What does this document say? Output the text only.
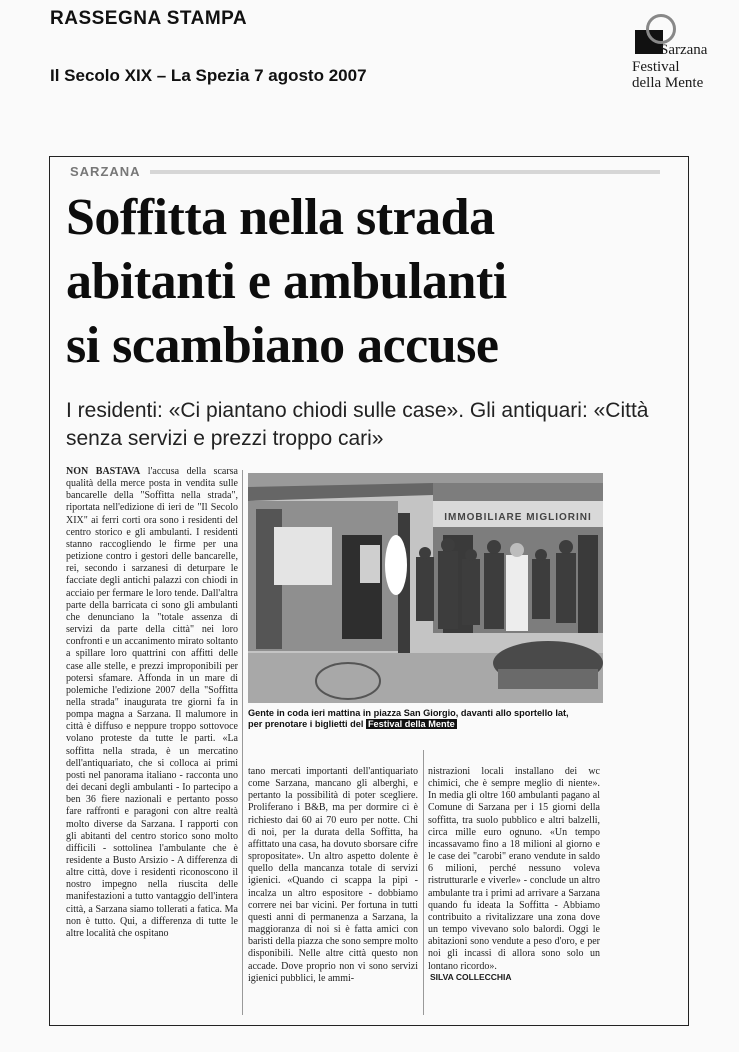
RASSEGNA STAMPA
Il Secolo XIX – La Spezia 7 agosto 2007
Sarzana
Festival
della Mente
SARZANA
Soffitta nella strada
abitanti e ambulanti
si scambiano accuse
I residenti: «Ci piantano chiodi sulle case». Gli antiquari: «Città senza servizi e prezzi troppo cari»
NON BASTAVA l'accusa della scarsa qualità della merce posta in vendita sulle bancarelle della "Soffitta nella strada", riportata nell'edizione di ieri de "Il Secolo XIX" ai ferri corti ora sono i residenti del centro storico e gli ambulanti. I residenti stanno raccogliendo le firme per una petizione contro i gestori delle bancarelle, rei, secondo i sarzanesi di deturpare le facciate degli antichi palazzi con chiodi in acciaio per fermare le loro tende. Dall'altra parte della barricata ci sono gli ambulanti che denunciano la "totale assenza di servizi da parte della città" nei loro confronti e un accanimento mirato soltanto a spillare loro quattrini con affitti delle case alle stelle, e prezzi improponibili per potersi sfamare. Affonda in un mare di polemiche l'edizione 2007 della "Soffitta nella strada" inaugurata tre giorni fa in pompa magna a Sarzana. Il malumore in città è diffuso e neppure troppo sottovoce volano proteste da tutte le parti. «La soffitta nella strada, è un mercatino dell'antiquariato, che si colloca ai primi posti nel panorama italiano - racconta uno dei decani degli ambulanti - Io partecipo a ben 36 fiere nazionali e pertanto posso fare raffronti e paragoni con altre realtà molto diverse da Sarzana. I rapporti con gli abitanti del centro storico sono molto difficili - sottolinea l'ambulante che è residente a Busto Arsizio - A differenza di altre città, dove i residenti riconoscono il nostro impegno nella riuscita delle manifestazioni a tutto vantaggio dell'intera città, a Sarzana siamo tollerati a fatica. Ma non è tutto. Qui, a differenza di tutte le altre località che ospitano
IMMOBILIARE MIGLIORINI
Gente in coda ieri mattina in piazza San Giorgio, davanti allo sportello Iat,
per prenotare i biglietti del Festival della Mente
tano mercati importanti dell'antiquariato come Sarzana, mancano gli alberghi, e pertanto la possibilità di poter scegliere. Proliferano i B&B, ma per dormire ci è richiesto dai 60 ai 70 euro per notte. Chi di noi, per la durata della Soffitta, ha affittato una casa, ha dovuto sborsare cifre spropositate». Un altro aspetto dolente è quello della mancanza totale di servizi igienici. «Quando ci scappa la pipì - incalza un altro espositore - dobbiamo correre nei bar vicini. Per fortuna in tutti questi anni di permanenza a Sarzana, la maggioranza di noi si è fatta amici con baristi della piazza che sono sempre molto disponibili. Nelle altre città questo non accade. Dove proprio non vi sono servizi igienici pubblici, le ammi-
nistrazioni locali installano dei wc chimici, che è sempre meglio di niente». In media gli oltre 160 ambulanti pagano al Comune di Sarzana per i 15 giorni della soffitta, tra suolo pubblico e altri balzelli, circa mille euro ognuno. «Un tempo incassavamo fino a 18 milioni al giorno e le case dei "carobi" erano vendute in saldo 6 milioni, perché nessuno voleva ristrutturarle e viverle» - conclude un altro ambulante tra i primi ad arrivare a Sarzana quando fu ideata la Soffitta - Abbiamo contribuito a rivitalizzare una zona dove un tempo vivevano solo balordi. Oggi le abitazioni sono vendute a peso d'oro, e per noi gli incassi di allora sono solo un lontano ricordo».
SILVA COLLECCHIA
